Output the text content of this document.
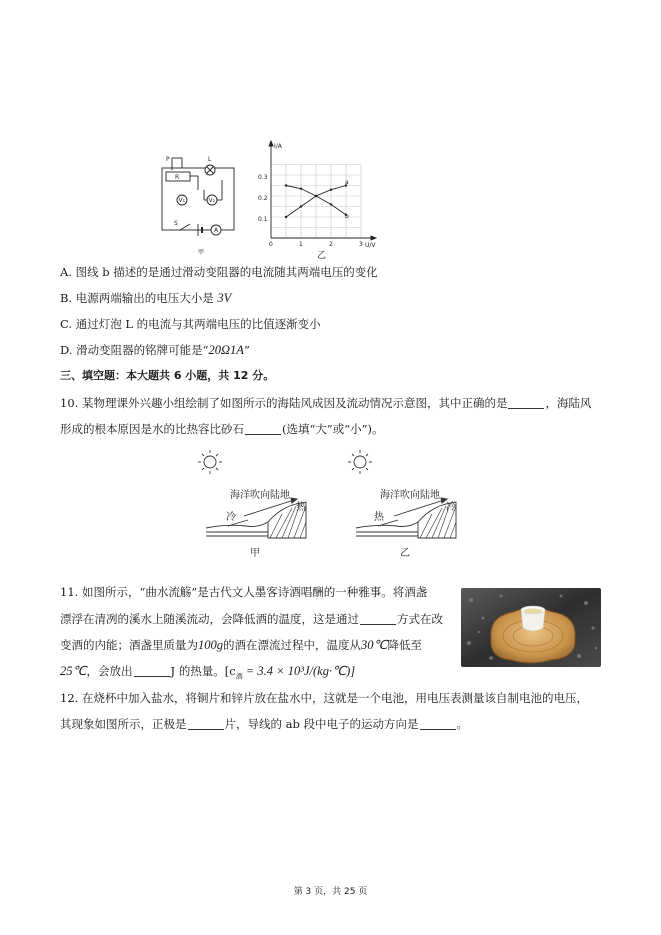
P
R
L
V₁	V₂
S
A
甲
I/A
U/V
0.3
0.2
0.1
0	1	2	3
a
b
乙
A. 图线 b 描述的是通过滑动变阻器的电流随其两端电压的变化
B. 电源两端输出的电压大小是 3V
C. 通过灯泡 L 的电流与其两端电压的比值逐渐变小
D. 滑动变阻器的铭牌可能是“20Ω1A”
三、填空题：本大题共 6 小题，共 12 分。
10. 某物理课外兴趣小组绘制了如图所示的海陆风成因及流动情况示意图，其中正确的是	，海陆风
形成的根本原因是水的比热容比砂石	(选填“大”或“小”)。
海洋吹向陆地
热
冷
甲
海洋吹向陆地
冷
热
乙
11. 如图所示，“曲水流觞”是古代文人墨客诗酒唱酬的一种雅事。将酒盏
漂浮在清冽的溪水上随溪流动，会降低酒的温度，这是通过	方式在改
变酒的内能；酒盏里质量为100g的酒在漂流过程中，温度从30℃降低至
25℃，会放出	J 的热量。[$c_酒 = 3.4$ × 10³J/(kg·℃)]
12. 在烧杯中加入盐水，将铜片和锌片放在盐水中，这就是一个电池，用电压表测量该自制电池的电压，
其现象如图所示，正极是	片，导线的 ab 段中电子的运动方向是	。
第 3 页，共 25 页
